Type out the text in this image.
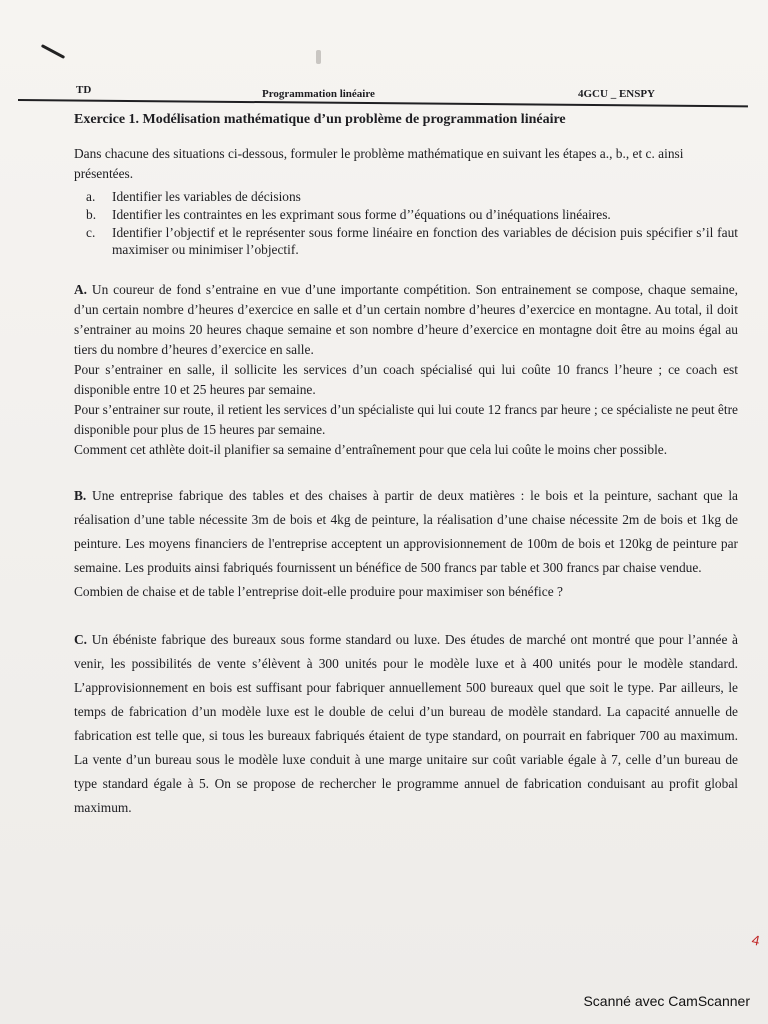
TD	Programmation linéaire	4GCU _ ENSPY
Exercice 1. Modélisation mathématique d’un problème de programmation linéaire

Dans chacune des situations ci-dessous, formuler le problème mathématique en suivant les étapes a., b., et c. ainsi présentées.

a.	Identifier les variables de décisions
b.	Identifier les contraintes en les exprimant sous forme d’’équations ou d’inéquations linéaires.
c.	Identifier l’objectif et le représenter sous forme linéaire en fonction des variables de décision puis spécifier s’il faut maximiser ou minimiser l’objectif.

A. Un coureur de fond s’entraine en vue d’une importante compétition. Son entrainement se compose, chaque semaine, d’un certain nombre d’heures d’exercice en salle et d’un certain nombre d’heures d’exercice en montagne. Au total, il doit s’entrainer au moins 20 heures chaque semaine et son nombre d’heure d’exercice en montagne doit être au moins égal au tiers du nombre d’heures d’exercice en salle.

Pour s’entrainer en salle, il sollicite les services d’un coach spécialisé qui lui coûte 10 francs l’heure ; ce coach est disponible entre 10 et 25 heures par semaine.

Pour s’entrainer sur route, il retient les services d’un spécialiste qui lui coute 12 francs par heure ; ce spécialiste ne peut être disponible pour plus de 15 heures par semaine.

Comment cet athlète doit-il planifier sa semaine d’entraînement pour que cela lui coûte le moins cher possible.

B. Une entreprise fabrique des tables et des chaises à partir de deux matières : le bois et la peinture, sachant que la réalisation d’une table nécessite 3m de bois et 4kg de peinture, la réalisation d’une chaise nécessite 2m de bois et 1kg de peinture. Les moyens financiers de l'entreprise acceptent un approvisionnement de 100m de bois et 120kg de peinture par semaine. Les produits ainsi fabriqués fournissent un bénéfice de 500 francs par table et 300 francs par chaise vendue.

Combien de chaise et de table l’entreprise doit-elle produire pour maximiser son bénéfice ?

C. Un ébéniste fabrique des bureaux sous forme standard ou luxe. Des études de marché ont montré que pour l’année à venir, les possibilités de vente s’élèvent à 300 unités pour le modèle luxe et à 400 unités pour le modèle standard. L’approvisionnement en bois est suffisant pour fabriquer annuellement 500 bureaux quel que soit le type. Par ailleurs, le temps de fabrication d’un modèle luxe est le double de celui d’un bureau de modèle standard. La capacité annuelle de fabrication est telle que, si tous les bureaux fabriqués étaient de type standard, on pourrait en fabriquer 700 au maximum. La vente d’un bureau sous le modèle luxe conduit à une marge unitaire sur coût variable égale à 7, celle d’un bureau de type standard égale à 5. On se propose de rechercher le programme annuel de fabrication conduisant au profit global maximum.

4
Scanné avec CamScanner
